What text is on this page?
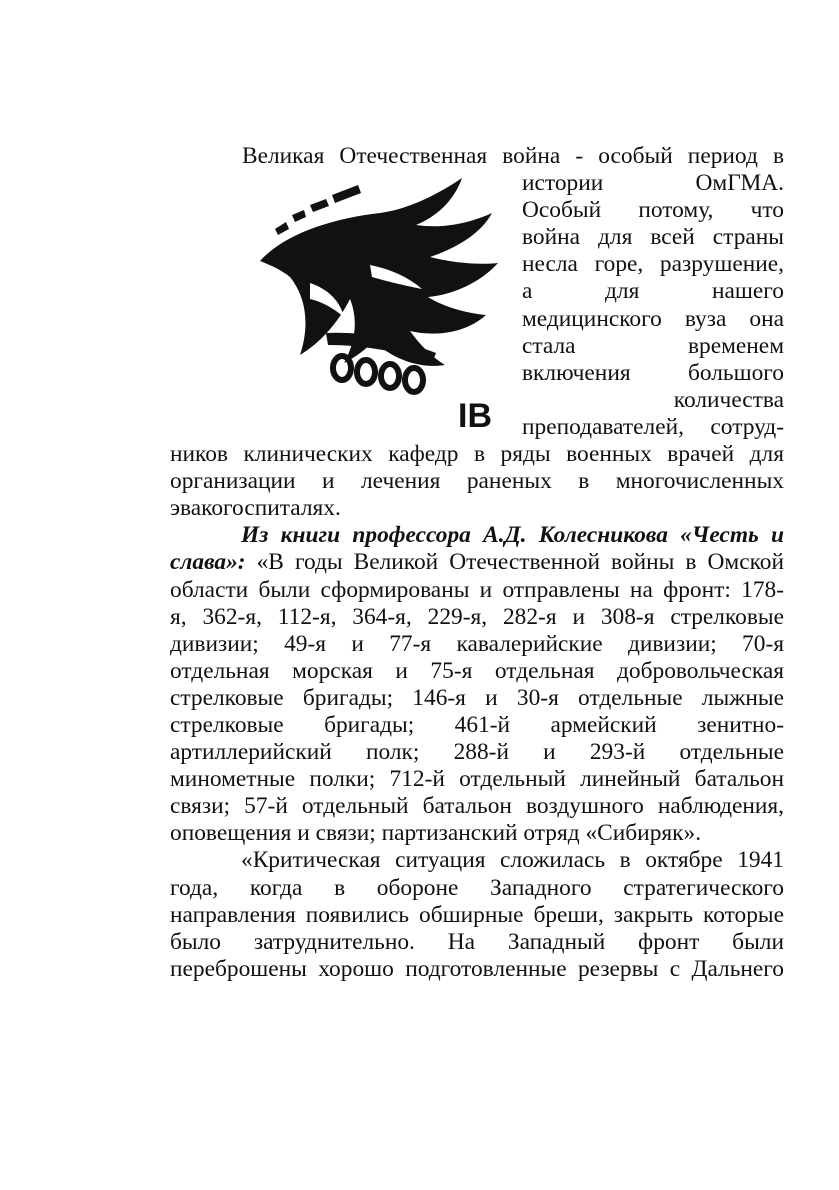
IB
Великая Отечественная война - особый период в
истории ОмГМА.
Особый потому, что
война для всей страны
несла горе, разрушение,
а для нашего
медицинского вуза она
стала временем
включения большого
количества
преподавателей, сотруд-
ников клинических кафедр в ряды военных врачей для
организации и лечения раненых в многочисленных
эвакогоспиталях.
Из книги профессора А.Д. Колесникова «Честь и
слава»: «В годы Великой Отечественной войны в Омской
области были сформированы и отправлены на фронт: 178-
я, 362-я, 112-я, 364-я, 229-я, 282-я и 308-я стрелковые
дивизии; 49-я и 77-я кавалерийские дивизии; 70-я
отдельная морская и 75-я отдельная добровольческая
стрелковые бригады; 146-я и 30-я отдельные лыжные
стрелковые бригады; 461-й армейский зенитно-
артиллерийский полк; 288-й и 293-й отдельные
минометные полки; 712-й отдельный линейный батальон
связи; 57-й отдельный батальон воздушного наблюдения,
оповещения и связи; партизанский отряд «Сибиряк».
«Критическая ситуация сложилась в октябре 1941
года, когда в обороне Западного стратегического
направления появились обширные бреши, закрыть которые
было затруднительно. На Западный фронт были
переброшены хорошо подготовленные резервы с Дальнего
